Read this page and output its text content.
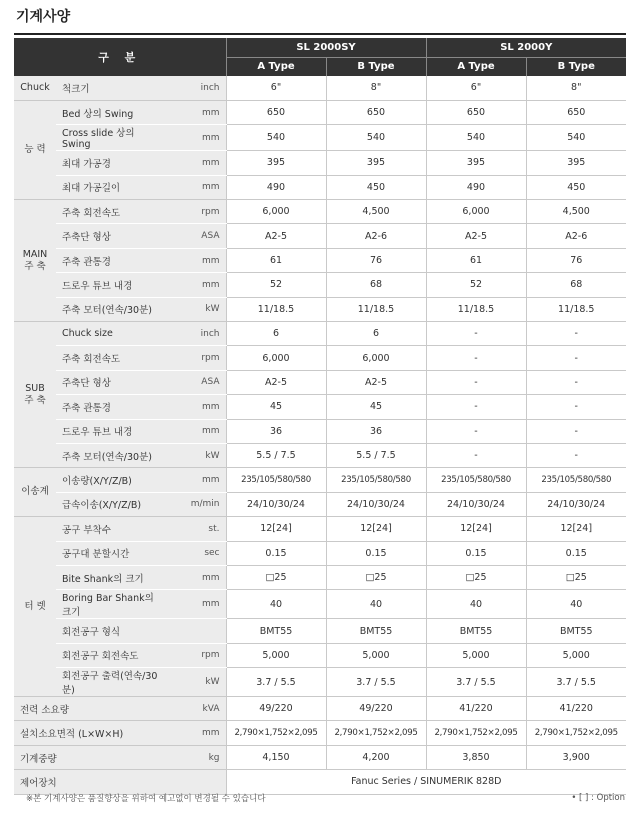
기계사양
구 분			SL 2000SY		SL 2000Y	
			A Type	B Type	A Type	B Type

Chuck	척크기	inch	6"	8"	6"	8"

능 력	Bed 상의 Swing	mm	650	650	650	650
	Cross slide 상의 Swing	mm	540	540	540	540
	최대 가공경	mm	395	395	395	395
	최대 가공길이	mm	490	450	490	450

MAIN
주 축	주축 회전속도	rpm	6,000	4,500	6,000	4,500
	주축단 형상	ASA	A2-5	A2-6	A2-5	A2-6
	주축 관통경	mm	61	76	61	76
	드로우 튜브 내경	mm	52	68	52	68
	주축 모터(연속/30분)	kW	11/18.5	11/18.5	11/18.5	11/18.5

SUB
주 축	Chuck size	inch	6	6	-	-
	주축 회전속도	rpm	6,000	6,000	-	-
	주축단 형상	ASA	A2-5	A2-5	-	-
	주축 관통경	mm	45	45	-	-
	드로우 튜브 내경	mm	36	36	-	-
	주축 모터(연속/30분)	kW	5.5 / 7.5	5.5 / 7.5	-	-

이송계	이송량(X/Y/Z/B)	mm	235/105/580/580	235/105/580/580	235/105/580/580	235/105/580/580
	급속이송(X/Y/Z/B)	m/min	24/10/30/24	24/10/30/24	24/10/30/24	24/10/30/24

터 렛	공구 부착수	st.	12[24]	12[24]	12[24]	12[24]
	공구대 분할시간	sec	0.15	0.15	0.15	0.15
	Bite Shank의 크기	mm	□25	□25	□25	□25
	Boring Bar Shank의 크기	mm	40	40	40	40
	회전공구 형식		BMT55	BMT55	BMT55	BMT55
	회전공구 회전속도	rpm	5,000	5,000	5,000	5,000
	회전공구 출력(연속/30분)	kW	3.7 / 5.5	3.7 / 5.5	3.7 / 5.5	3.7 / 5.5
전력 소요량		kVA	49/220	49/220	41/220	41/220
설치소요면적 (L×W×H)		mm	2,790×1,752×2,095	2,790×1,752×2,095	2,790×1,752×2,095	2,790×1,752×2,095
기계중량		kg	4,150	4,200	3,850	3,900
제어장치			Fanuc Series / SINUMERIK 828D			
※본 기계사양은 품질향상을 위하여 예고없이 변경될 수 있습니다	• [ ] : Option
